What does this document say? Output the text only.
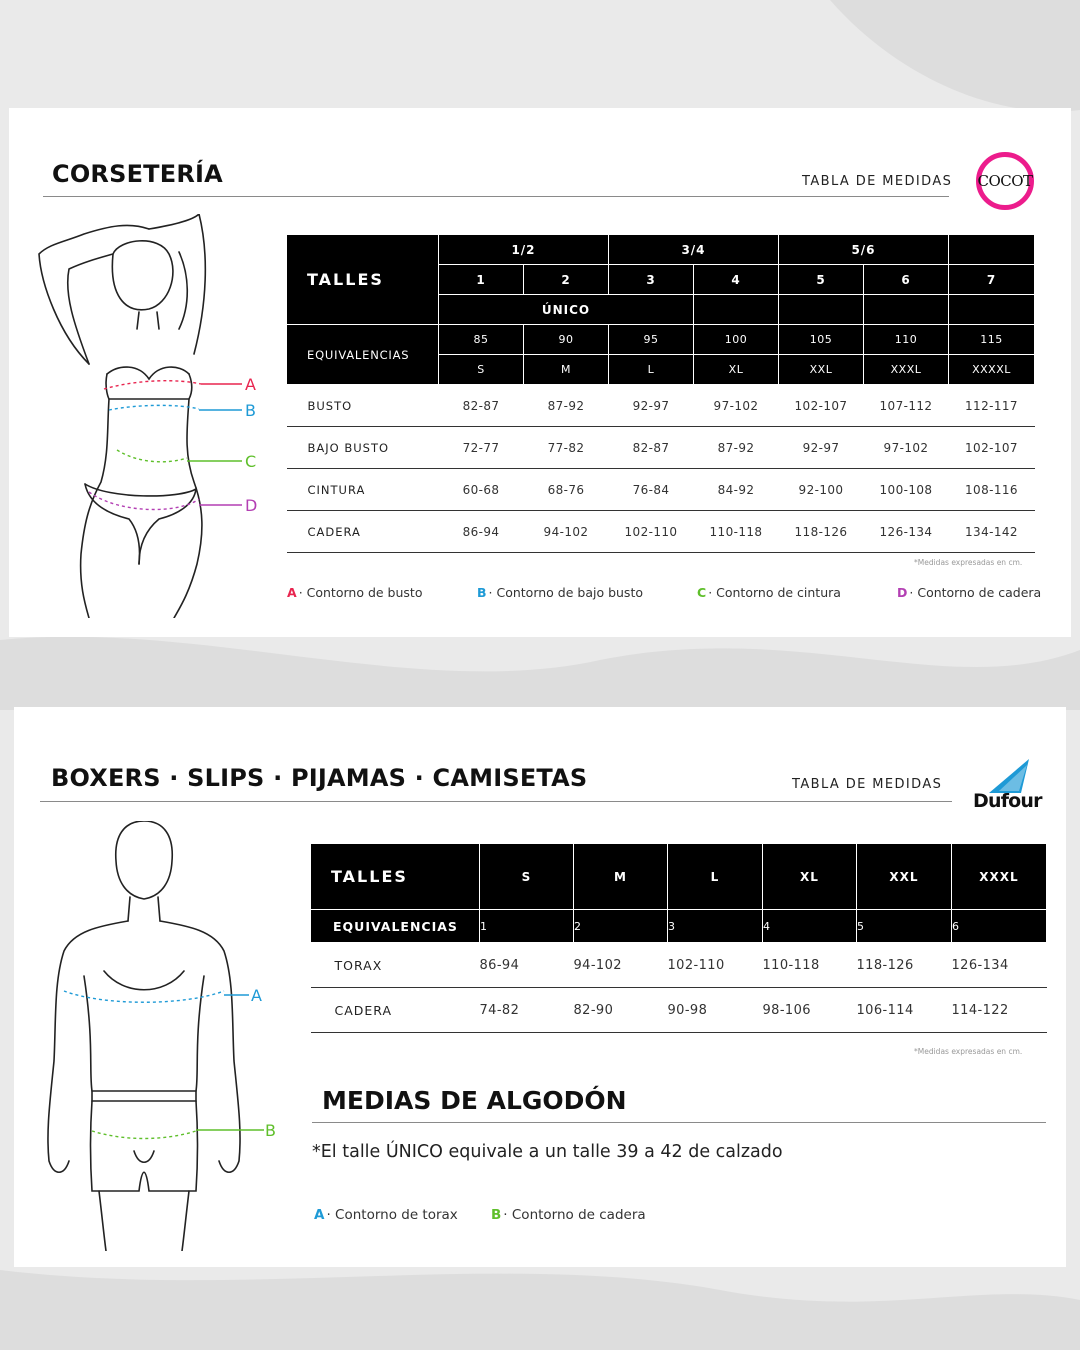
CORSETERÍA	TABLA DE MEDIDAS COCOT
A
B
C
D
TALLES	1/2		3/4		5/6		
	1	2	3	4	5	6	7
	ÚNICO						
EQUIVALENCIAS	85	90	95	100	105	110	115
	S	M	L	XL	XXL	XXXL	XXXXL
BUSTO	82-87	87-92	92-97	97-102	102-107	107-112	112-117
BAJO BUSTO	72-77	77-82	82-87	87-92	92-97	97-102	102-107
CINTURA	60-68	68-76	76-84	84-92	92-100	100-108	108-116
CADERA	86-94	94-102	102-110	110-118	118-126	126-134	134-142
*Medidas expresadas en cm.
A · Contorno de busto	B · Contorno de bajo busto	C · Contorno de cintura	D · Contorno de cadera
BOXERS · SLIPS · PIJAMAS · CAMISETAS	TABLA DE MEDIDAS
Dufour
A
B
TALLES	S	M	L	XL	XXL	XXXL
EQUIVALENCIAS	1	2	3	4	5	6
TORAX	86-94	94-102	102-110	110-118	118-126	126-134
CADERA	74-82	82-90	90-98	98-106	106-114	114-122
*Medidas expresadas en cm.
MEDIAS DE ALGODÓN
*El talle ÚNICO equivale a un talle 39 a 42 de calzado
A · Contorno de torax B · Contorno de cadera
